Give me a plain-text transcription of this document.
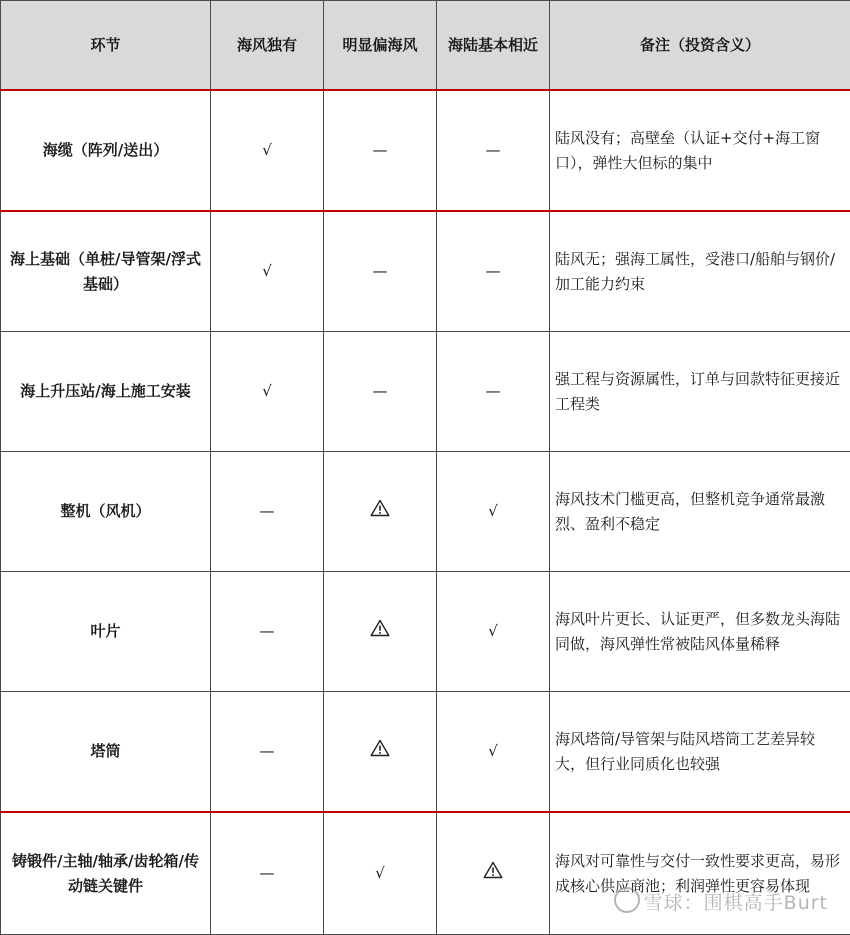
环节	海风独有	明显偏海风	海陆基本相近	备注（投资含义）
海缆（阵列/送出）	√	—	—	陆风没有；高壁垒（认证+交付+海工窗口），弹性大但标的集中
海上基础（单桩/导管架/浮式基础）	√	—	—	陆风无；强海工属性，受港口/船舶与钢价/加工能力约束
海上升压站/海上施工安装	√	—	—	强工程与资源属性，订单与回款特征更接近工程类
整机（风机）	—		√	海风技术门槛更高，但整机竞争通常最激烈、盈利不稳定
叶片	—		√	海风叶片更长、认证更严，但多数龙头海陆同做，海风弹性常被陆风体量稀释
塔筒	—		√	海风塔筒/导管架与陆风塔筒工艺差异较大，但行业同质化也较强
铸锻件/主轴/轴承/齿轮箱/传动链关键件	—	√		海风对可靠性与交付一致性要求更高，易形成核心供应商池；利润弹性更容易体现
雪球：围棋高手Burt
